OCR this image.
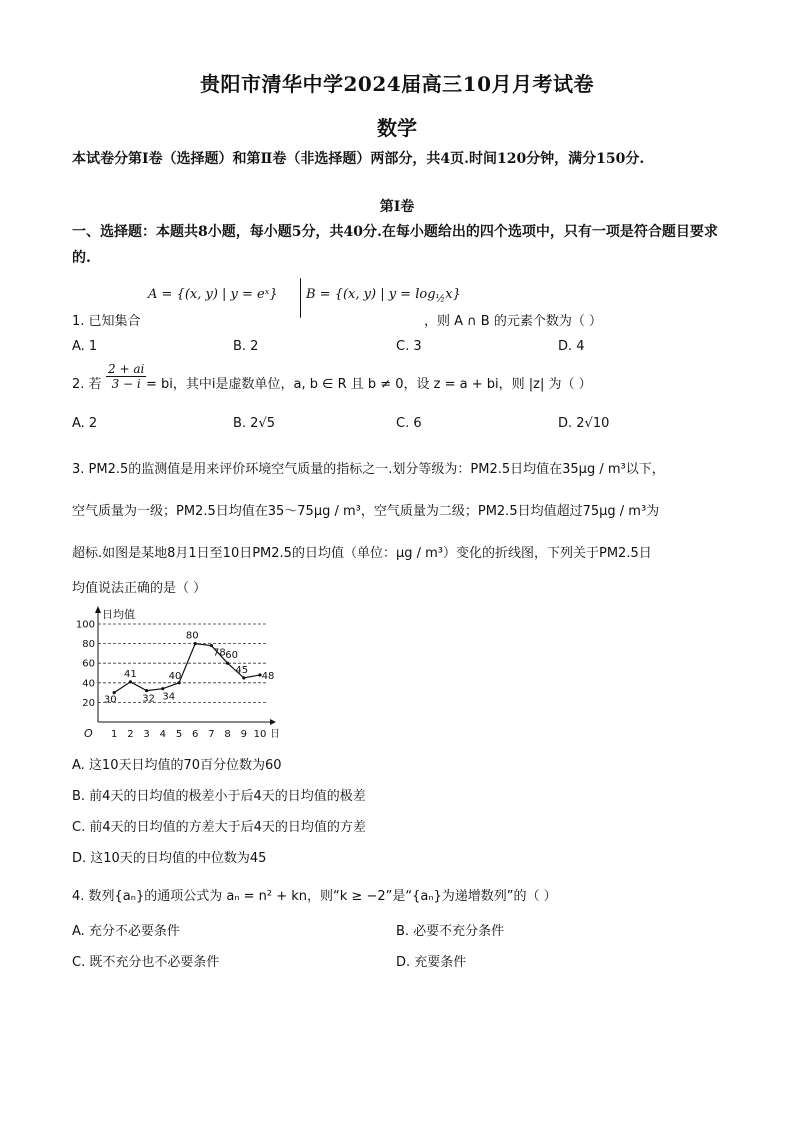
贵阳市清华中学2024届高三10月月考试卷
数学
本试卷分第Ⅰ卷（选择题）和第Ⅱ卷（非选择题）两部分，共4页.时间120分钟，满分150分.
第Ⅰ卷
一、选择题：本题共8小题，每小题5分，共40分.在每小题给出的四个选项中，只有一项是符合题目要求的.
A = {(x, y) | y = eˣ} B = {(x, y) | $y = \log_{\frac{1}{2}}x$}
1. 已知集合	，则 A ∩ B 的元素个数为（ ）
A. 1	B. 2	C. 3	D. 4
2. 若 $\frac{2 + ai}{3 - i}$ = bi，其中i是虚数单位，a, b ∈ R 且 b ≠ 0，设 z = a + bi，则 |z| 为（ ）
A. 2	B. 2√5	C. 6	D. 2√10
3. PM2.5的监测值是用来评价环境空气质量的指标之一.划分等级为：PM2.5日均值在35μg / m³以下，
空气质量为一级；PM2.5日均值在35～75μg / m³，空气质量为二级；PM2.5日均值超过75μg / m³为
超标.如图是某地8月1日至10日PM2.5的日均值（单位：μg / m³）变化的折线图，下列关于PM2.5日
均值说法正确的是（ ）
20
40
60
80
100
日均值
日
O 1 2 3 4 5 6 7 8 9 10
30
41
32 34
40
80
78 60
45
48
A. 这10天日均值的70百分位数为60
B. 前4天的日均值的极差小于后4天的日均值的极差
C. 前4天的日均值的方差大于后4天的日均值的方差
D. 这10天的日均值的中位数为45
4. 数列{aₙ}的通项公式为 aₙ = n² + kn，则“k ≥ −2”是“{aₙ}为递增数列”的（ ）
A. 充分不必要条件	B. 必要不充分条件
C. 既不充分也不必要条件	D. 充要条件
